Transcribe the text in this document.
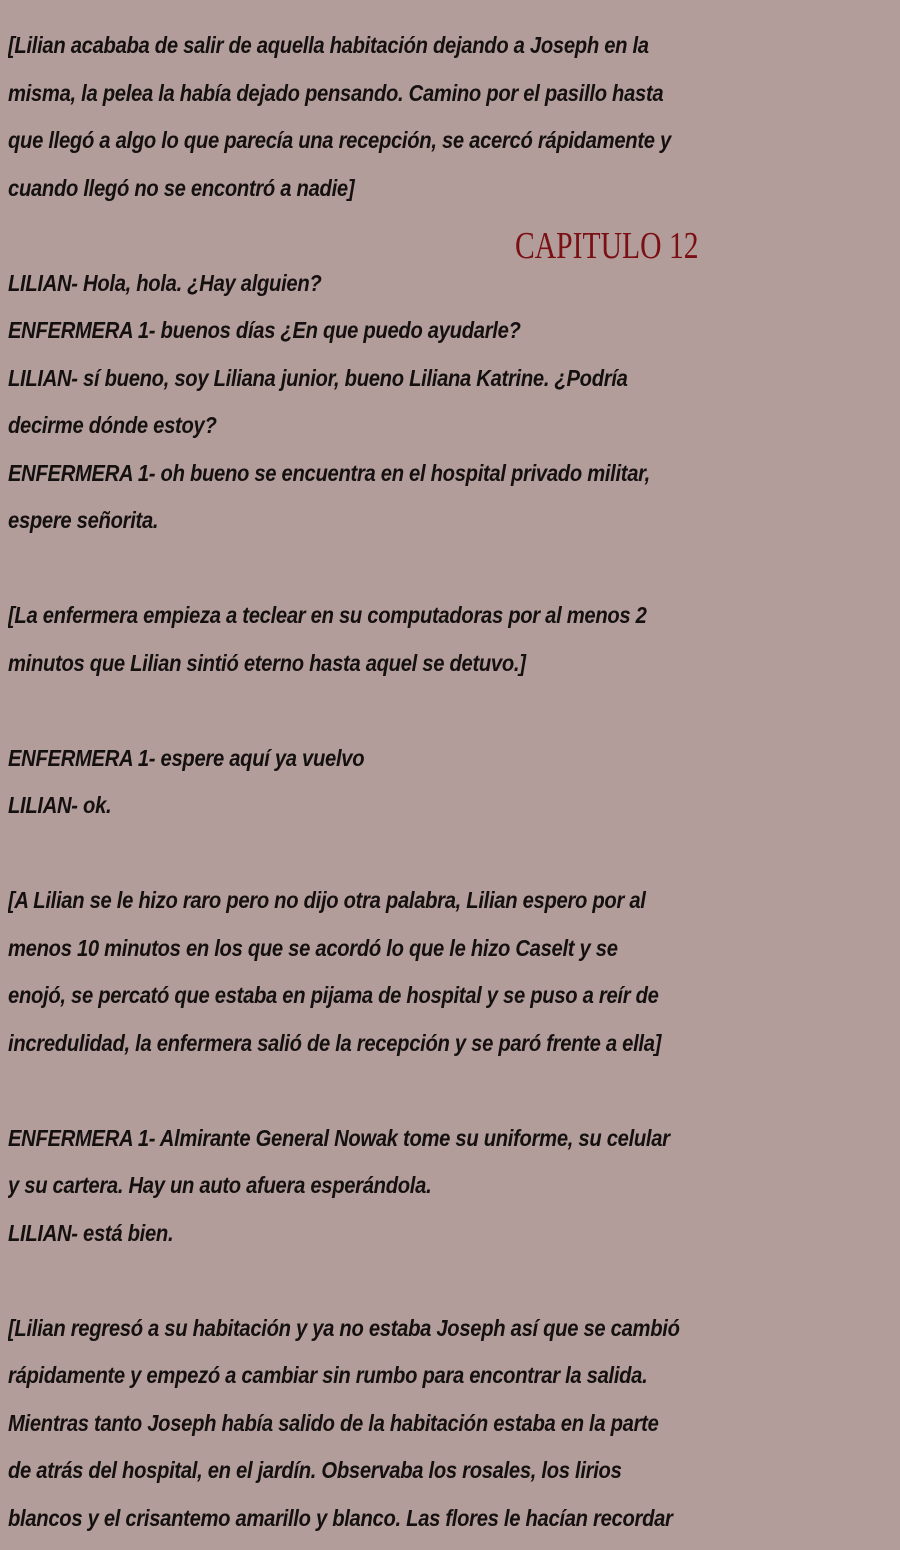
[Lilian acababa de salir de aquella habitación dejando a Joseph en la
misma, la pelea la había dejado pensando. Camino por el pasillo hasta
que llegó a algo lo que parecía una recepción, se acercó rápidamente y
cuando llegó no se encontró a nadie]
CAPITULO 12
LILIAN- Hola, hola. ¿Hay alguien?
ENFERMERA 1- buenos días ¿En que puedo ayudarle?
LILIAN- sí bueno, soy Liliana junior, bueno Liliana Katrine. ¿Podría
decirme dónde estoy?
ENFERMERA 1- oh bueno se encuentra en el hospital privado militar,
espere señorita.
[La enfermera empieza a teclear en su computadoras por al menos 2
minutos que Lilian sintió eterno hasta aquel se detuvo.]
ENFERMERA 1- espere aquí ya vuelvo
LILIAN- ok.
[A Lilian se le hizo raro pero no dijo otra palabra, Lilian espero por al
menos 10 minutos en los que se acordó lo que le hizo Caselt y se
enojó, se percató que estaba en pijama de hospital y se puso a reír de
incredulidad, la enfermera salió de la recepción y se paró frente a ella]
ENFERMERA 1- Almirante General Nowak tome su uniforme, su celular
y su cartera. Hay un auto afuera esperándola.
LILIAN- está bien.
[Lilian regresó a su habitación y ya no estaba Joseph así que se cambió
rápidamente y empezó a cambiar sin rumbo para encontrar la salida.
Mientras tanto Joseph había salido de la habitación estaba en la parte
de atrás del hospital, en el jardín. Observaba los rosales, los lirios
blancos y el crisantemo amarillo y blanco. Las flores le hacían recordar
